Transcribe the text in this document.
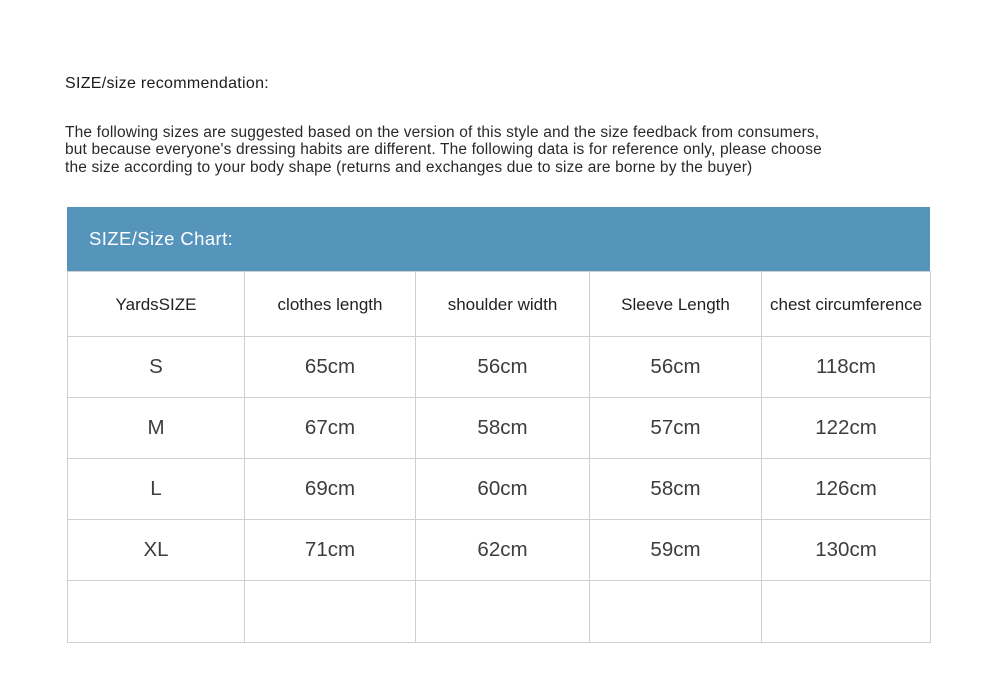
SIZE/size recommendation:
The following sizes are suggested based on the version of this style and the size feedback from consumers,
but because everyone's dressing habits are different. The following data is for reference only, please choose
the size according to your body shape (returns and exchanges due to size are borne by the buyer)
SIZE/Size Chart:
YardsSIZE	clothes length	shoulder width	Sleeve Length	chest circumference
S	65cm	56cm	56cm	118cm
M	67cm	58cm	57cm	122cm
L	69cm	60cm	58cm	126cm
XL	71cm	62cm	59cm	130cm
